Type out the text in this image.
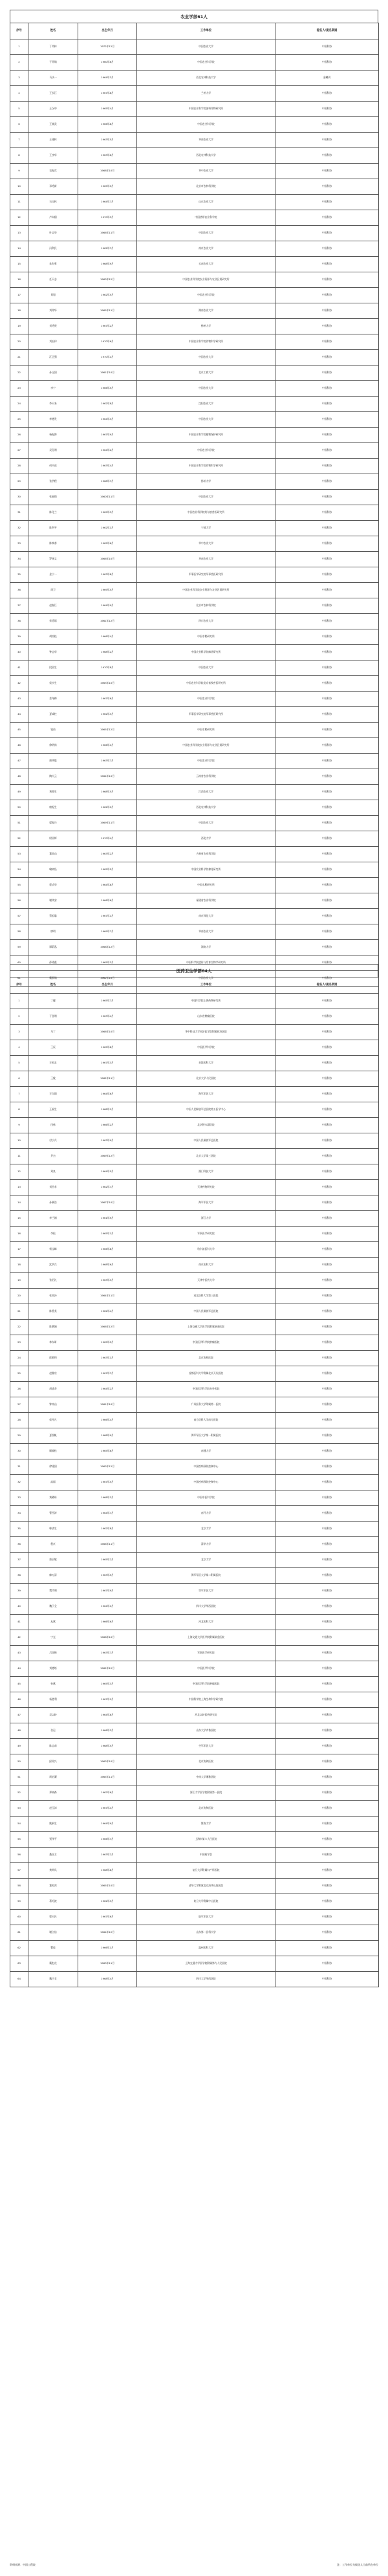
农业学部61人
序号	姓名	出生年月	工作单位	提名人/提名渠道
1	丁幼林	1972年12月	中国农业大学	中国科协
2	于贵瑞	1960年6月	中国农业科学院	中国科协
3	马庆一	1964年3月	西北农林科技大学	金曦玥
4	王长江	1967年8月	兰州大学	中国科协
5	王汉中	1965年4月	中国农业科学院油料作物研究所	中国科协
6	王晓武	1966年8月	中国农业科学院	中国科协
7	王建林	1963年5月	华南农业大学	中国科协
8	王彦华	1963年6月	西北农林科技大学	中国科协
9	毛振宾	1968年10月	华中农业大学	中国科协
10	邓秀新	1965年9月	北京市农林科学院	中国科协
11	石玉林	1964年7月	山东农业大学	中国科协
12	卢向阳	1970年3月	中国热带农业科学院	中国科协
13	叶志华	1966年11月	中国农业大学	中国科协
14	冯利民	1962年7月	南京农业大学	中国科协
15	朱有勇	1968年9月	云南农业大学	中国科协
16	任天志	1963年12月	中国农业科学院农业资源与农业区划研究所	中国科协
17	刘旭	1962年5月	中国农业科学院	中国科协
18	刘仲华	1965年11月	湖南农业大学	中国科协
19	刘秀梵	1967年2月	扬州大学	中国科协
20	刘宏伟	1970年6月	中国农业科学院作物科学研究所	中国科协
21	江正强	1970年1月	中国农业大学	中国科协
22	孙宝国	1961年10月	北京工商大学	中国科协
23	李宁	1966年5月	中国农业大学	中国科协
24	李天来	1962年8月	沈阳农业大学	中国科协
25	李德发	1964年3月	中国农业大学	中国科协
26	杨振海	1967年9月	中国农业科学院植物保护研究所	中国科协
27	吴孔明	1964年2月	中国农业科学院	中国科协
28	何中虎	1963年4月	中国农业科学院作物科学研究所	中国科协
29	张洪程	1968年7月	扬州大学	中国科协
30	张福锁	1960年11月	中国农业大学	中国科协
31	陈化兰	1969年3月	中国农业科学院哈尔滨兽医研究所	中国科协
32	陈剑平	1962年1月	宁波大学	中国科协
33	陈焕春	1965年6月	华中农业大学	中国科协
34	罗锡文	1966年10月	华南农业大学	中国科协
35	金宁一	1963年8月	军事医学研究院军事兽医研究所	中国科协
36	周卫	1969年5月	中国农业科学院农业资源与农业区划研究所	中国科协
37	赵春江	1964年9月	北京市农林科学院	中国科协
38	荣廷昭	1961年12月	四川农业大学	中国科协
39	胡培松	1966年4月	中国水稻研究所	中国科协
40	钟志华	1968年2月	中国农业科学院麻类研究所	中国科协
41	段留生	1970年8月	中国农业大学	中国科协
42	侯水生	1963年10月	中国农业科学院北京畜牧兽医研究所	中国科协
43	姜冬梅	1967年6月	中国农业科学院	中国科协
44	夏咸柱	1962年3月	军事医学研究院军事兽医研究所	中国科协
45	钱前	1965年12月	中国水稻研究所	中国科协
46	徐明岗	1966年1月	中国农业科学院农业资源与农业区划研究所	中国科协
47	唐华俊	1963年7月	中国农业科学院	中国科协
48	陶大云	1964年10月	云南省农业科学院	中国科协
49	黄路生	1968年5月	江西农业大学	中国科协
50	康振生	1962年9月	西北农林科技大学	中国科协
51	梁振兴	1969年11月	中国农业大学	中国科协
52	尉亚辉	1970年4月	西北大学	中国科协
53	董英山	1963年2月	吉林省农业科学院	中国科协
54	喻树迅	1965年5月	中国农业科学院棉花研究所	中国科协
55	程式华	1964年8月	中国水稻研究所	中国科协
56	谢华安	1966年6月	福建省农业科学院	中国科协
57	蔡祖聪	1967年1月	南京师范大学	中国科协
58	廖明	1969年7月	华南农业大学	中国科协
59	谭蔚泓	1968年12月	湖南大学	中国科协
60	薛勇彪	1965年3月	中国科学院遗传与发育生物学研究所	中国科协
61	戴景瑞	1962年10月	中国农业大学	中国科协
医药卫生学部64人
序号	姓名	出生年月	工作单位	提名人/提名渠道
1	丁健	1965年7月	中国科学院上海药物研究所	中国科协
2	于金明	1963年4月	山东省肿瘤医院	中国科协
3	马丁	1966年10月	华中科技大学同济医学院附属同济医院	中国科协
4	王辰	1965年8月	中国医学科学院	中国科协
5	王松灵	1967年3月	首都医科大学	中国科协
6	王俊	1962年11月	北京大学人民医院	中国科协
7	王红阳	1964年6月	海军军医大学	中国科协
8	王福生	1968年1月	中国人民解放军总医院第五医学中心	中国科协
9	田伟	1966年2月	北京积水潭医院	中国科协
10	付小兵	1963年9月	中国人民解放军总医院	中国科协
11	乔杰	1969年12月	北京大学第三医院	中国科协
12	刘良	1964年5月	澳门科技大学	中国科协
13	刘昌孝	1962年7月	天津药物研究院	中国科协
14	孙颖浩	1967年10月	海军军医大学	中国科协
15	李兰娟	1961年9月	浙江大学	中国科协
16	李松	1965年1月	军事医学研究院	中国科协
17	杨宝峰	1966年8月	哈尔滨医科大学	中国科协
18	沈洪兵	1968年6月	南京医科大学	中国科协
19	张伯礼	1963年3月	天津中医药大学	中国科协
20	张英泽	1964年11月	河北医科大学第三医院	中国科协
21	陈香美	1962年4月	中国人民解放军总医院	中国科协
22	陈赛娟	1966年12月	上海交通大学医学院附属瑞金医院	中国科协
23	林东昕	1965年5月	中国医学科学院肿瘤医院	中国科协
24	郎景和	1963年1月	北京协和医院	中国科协
25	赵继宗	1967年7月	首都医科大学附属北京天坛医院	中国科协
26	胡盛寿	1964年2月	中国医学科学院阜外医院	中国科协
27	钟南山	1961年10月	广州医科大学附属第一医院	中国科协
28	侯凡凡	1966年4月	南方医科大学南方医院	中国科协
29	夏照帆	1968年9月	海军军医大学第一附属医院	中国科协
30	顾晓松	1965年6月	南通大学	中国科协
31	徐建国	1963年12月	中国疾病预防控制中心	中国科协
32	高福	1967年5月	中国疾病预防控制中心	中国科协
33	黄璐琦	1968年3月	中国中医科学院	中国科协
34	曹雪涛	1964年7月	南开大学	中国科协
35	韩济生	1962年8月	北京大学	中国科协
36	程京	1966年11月	清华大学	中国科协
37	詹启敏	1965年2月	北京大学	中国科协
38	廖万清	1963年5月	海军军医大学第二附属医院	中国科协
39	樊代明	1967年9月	空军军医大学	中国科协
40	魏于全	1964年1月	四川大学华西医院	中国科协
41	丛斌	1966年6月	河北医科大学	中国科协
42	宁光	1968年10月	上海交通大学医学院附属瑞金医院	中国科协
43	吕国悌	1963年7月	军事医学研究院	中国科协
44	刘德培	1962年12月	中国医学科学院	中国科协
45	孙燕	1965年3月	中国医学科学院肿瘤医院	中国科协
46	杨胜利	1967年1月	中国科学院上海生命科学研究院	中国科协
47	吴以岭	1964年8月	河北以岭医药研究院	中国科协
48	张运	1966年3月	山东大学齐鲁医院	中国科协
49	陈志南	1968年5月	空军军医大学	中国科协
50	邱贵兴	1963年10月	北京协和医院	中国科协
51	周宏灏	1965年11月	中南大学湘雅医院	中国科协
52	郑树森	1962年6月	浙江大学医学院附属第一医院	中国科协
53	赵玉沛	1967年4月	北京协和医院	中国科协
54	姚新生	1964年9月	暨南大学	中国科协
55	贾伟平	1966年7月	上海市第六人民医院	中国科协
56	桑国卫	1963年2月	中国药学会	中国科协
57	黄荷凤	1968年8月	复旦大学附属妇产科医院	中国科协
58	董家鸿	1965年10月	清华大学附属北京清华长庚医院	中国科协
59	葛均波	1962年3月	复旦大学附属中山医院	中国科协
60	程天民	1967年6月	陆军军医大学	中国科协
61	谢立信	1964年12月	山东第一医科大学	中国科协
62	瞿佳	1966年1月	温州医科大学	中国科协
63	戴尅戎	1963年11月	上海交通大学医学院附属第九人民医院	中国科协
64	魏于全	1968年4月	四川大学华西医院	中国科协
资料来源：中国工程院	注：工作单位为候选人当前所在单位
